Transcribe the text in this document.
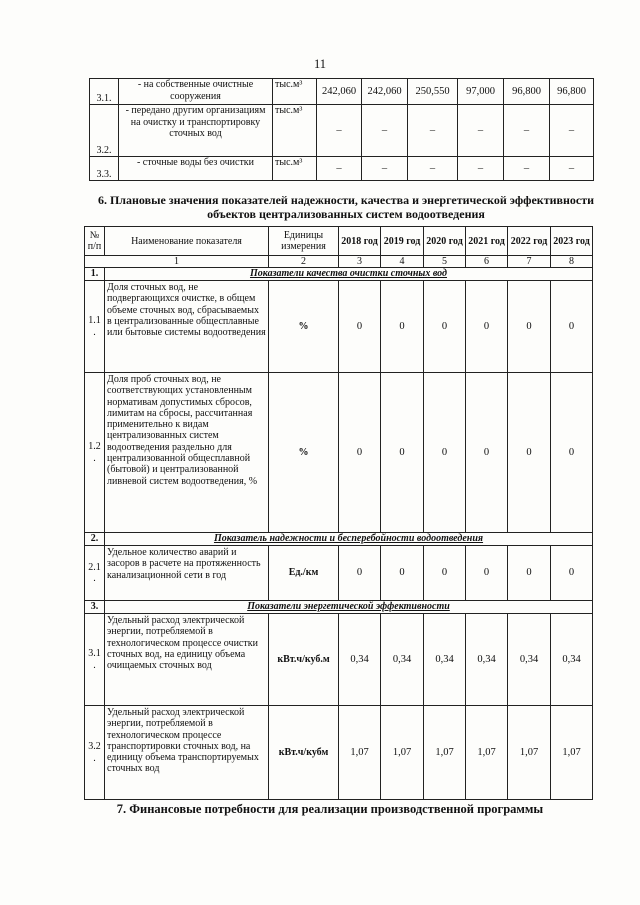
11
3.1.	- на собственные очистные сооружения	тыс.м³	242,060	242,060	250,550	97,000	96,800	96,800
3.2.	- передано другим организациям на очистку и транспортировку сточных вод	тыс.м³	–	–	–	–	–	–
3.3.	- сточные воды без очистки	тыс.м³	–	–	–	–	–	–
6. Плановые значения показателей надежности, качества и энергетической эффективности объектов централизованных систем водоотведения
№ п/п	Наименование показателя	Единицы измерения	2018 год	2019 год	2020 год	2021 год	2022 год	2023 год
1		2	3	4	5	6	7	8
1.	Показатели качества очистки сточных вод							
1.1 .	Доля сточных вод, не подвергающихся очистке, в общем объеме сточных вод, сбрасываемых в централизованные общесплавные или бытовые системы водоотведения	%	0	0	0	0	0	0
1.2 .	Доля проб сточных вод, не соответствующих установленным нормативам допустимых сбросов, лимитам на сбросы, рассчитанная применительно к видам централизованных систем водоотведения раздельно для централизованной общесплавной (бытовой) и централизованной ливневой систем водоотведения, %	%	0	0	0	0	0	0
2.	Показатель надежности и бесперебойности водоотведения							
2.1 .	Удельное количество аварий и засоров в расчете на протяженность канализационной сети в год	Ед./км	0	0	0	0	0	0
3.	Показатели энергетической эффективности							
3.1 .	Удельный расход электрической энергии, потребляемой в технологическом процессе очистки сточных вод, на единицу объема очищаемых сточных вод	кВт.ч/куб.м	0,34	0,34	0,34	0,34	0,34	0,34
3.2 .	Удельный расход электрической энергии, потребляемой в технологическом процессе транспортировки сточных вод, на единицу объема транспортируемых сточных вод	кВт.ч/кубм	1,07	1,07	1,07	1,07	1,07	1,07
7. Финансовые потребности для реализации производственной программы
